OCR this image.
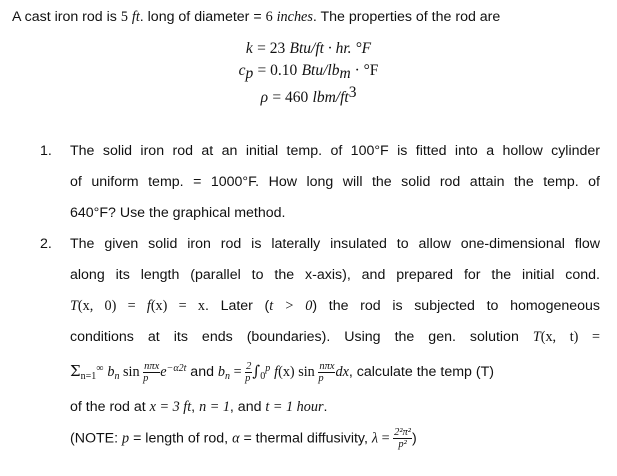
A cast iron rod is 5 ft. long of diameter = 6 inches. The properties of the rod are
k = 23 Btu/ft · hr. °F
cp = 0.10 Btu/lbm · °F
ρ = 460 lbm/ft3
1. The solid iron rod at an initial temp. of 100°F is fitted into a hollow cylinder
of uniform temp. = 1000°F. How long will the solid rod attain the temp. of
640°F? Use the graphical method.
2. The given solid iron rod is laterally insulated to allow one-dimensional flow
along its length (parallel to the x-axis), and prepared for the initial cond.
T(x, 0) = f(x) = x. Later (t > 0) the rod is subjected to homogeneous
conditions at its ends (boundaries). Using the gen. solution T(x, t) =
$\Sigma_{n=1}^\infty$ $b_n$ $\sin \frac{\text{nπx}}{p} e^{-\alpha 2t}$ and $b_n = \frac{2}{p} \int_0^p$ f(x) $\sin \frac{\text{nπx}}{p}$ dx, calculate the temp (T)
of the rod at x = 3 ft, n = 1, and t = 1 hour.
(NOTE: p = length of rod, α = thermal diffusivity, $\lambda = \frac{\text{2²π²}}{\text{p²}}$ )
